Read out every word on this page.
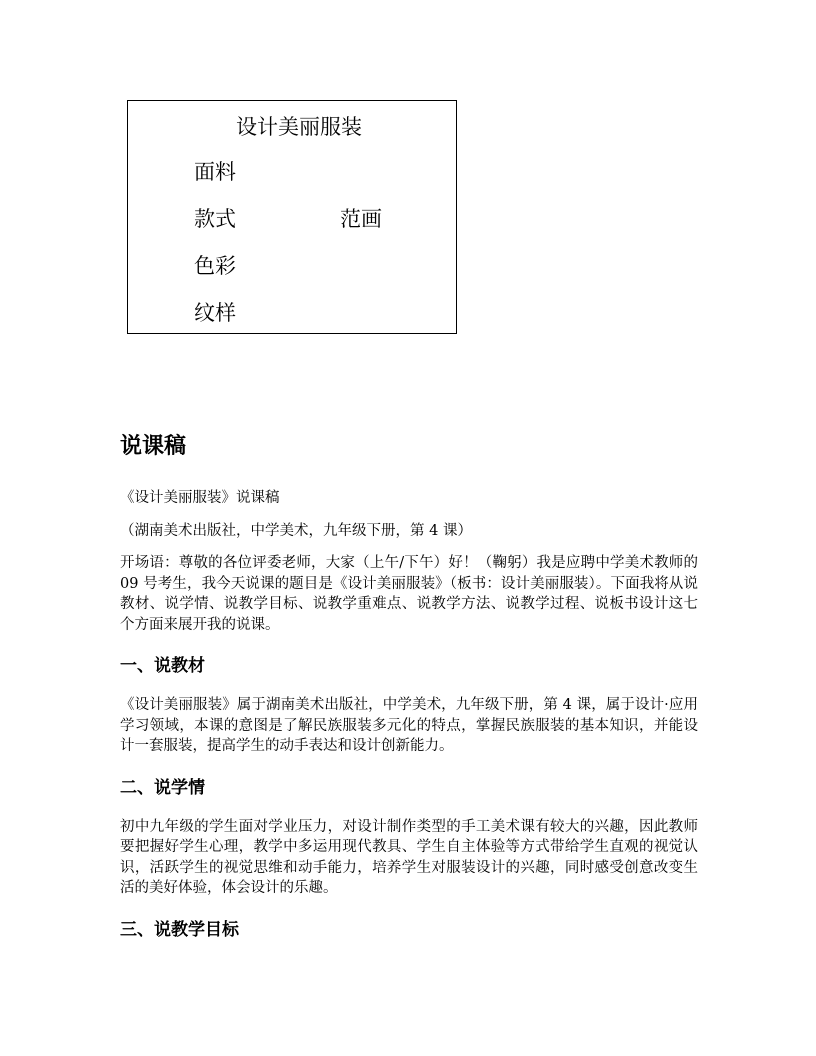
设计美丽服装
面料
款式
色彩
纹样
范画
说课稿

《设计美丽服装》说课稿

（湖南美术出版社，中学美术，九年级下册，第 4 课）

开场语：尊敬的各位评委老师，大家（上午/下午）好！（鞠躬）我是应聘中学美术教师的 09 号考生，我今天说课的题目是《设计美丽服装》（板书：设计美丽服装）。下面我将从说教材、说学情、说教学目标、说教学重难点、说教学方法、说教学过程、说板书设计这七个方面来展开我的说课。

一、说教材

《设计美丽服装》属于湖南美术出版社，中学美术，九年级下册，第 4 课，属于设计·应用学习领域，本课的意图是了解民族服装多元化的特点，掌握民族服装的基本知识，并能设计一套服装，提高学生的动手表达和设计创新能力。

二、说学情

初中九年级的学生面对学业压力，对设计制作类型的手工美术课有较大的兴趣，因此教师要把握好学生心理，教学中多运用现代教具、学生自主体验等方式带给学生直观的视觉认识，活跃学生的视觉思维和动手能力，培养学生对服装设计的兴趣，同时感受创意改变生活的美好体验，体会设计的乐趣。

三、说教学目标
